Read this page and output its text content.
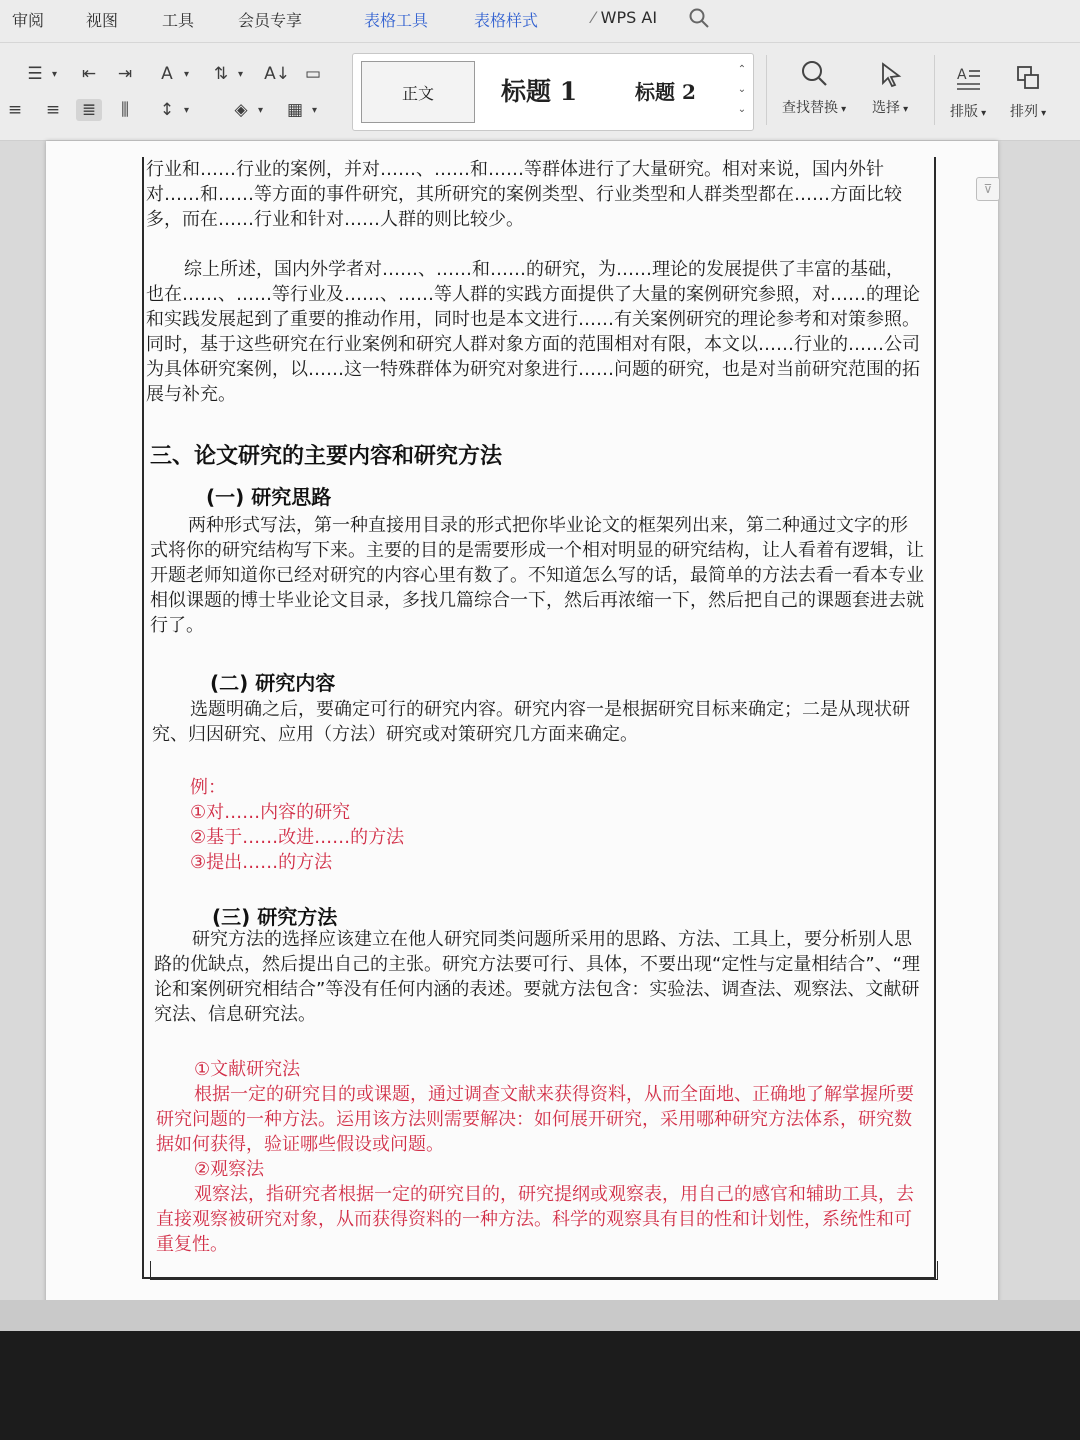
审阅	视图	工具	会员专享	表格工具	表格样式	⁄ WPS AI
☰ ▾	⇤	⇥	A ▾	⇅ ▾	A↓ ▭
≡	≡	≣	⫼	↕ ▾	◈ ▾	▦ ▾
正文	标题 1	标题 2
⌃
⌄
⌄	查找替换 ▾	选择 ▾
A
排版 ▾	排列 ▾
行业和……行业的案例，并对……、……和……等群体进行了大量研究。相对来说，国内外针对……和……等方面的事件研究，其所研究的案例类型、行业类型和人群类型都在……方面比较多，而在……行业和针对……人群的则比较少。
综上所述，国内外学者对……、……和……的研究，为……理论的发展提供了丰富的基础，也在……、……等行业及……、……等人群的实践方面提供了大量的案例研究参照，对……的理论和实践发展起到了重要的推动作用，同时也是本文进行……有关案例研究的理论参考和对策参照。同时，基于这些研究在行业案例和研究人群对象方面的范围相对有限，本文以……行业的……公司为具体研究案例，以……这一特殊群体为研究对象进行……问题的研究，也是对当前研究范围的拓展与补充。
三、论文研究的主要内容和研究方法
(一) 研究思路
两种形式写法，第一种直接用目录的形式把你毕业论文的框架列出来，第二种通过文字的形式将你的研究结构写下来。主要的目的是需要形成一个相对明显的研究结构，让人看着有逻辑，让开题老师知道你已经对研究的内容心里有数了。不知道怎么写的话，最简单的方法去看一看本专业相似课题的博士毕业论文目录，多找几篇综合一下，然后再浓缩一下，然后把自己的课题套进去就行了。
(二) 研究内容
选题明确之后，要确定可行的研究内容。研究内容一是根据研究目标来确定；二是从现状研究、归因研究、应用（方法）研究或对策研究几方面来确定。
例：
①对……内容的研究
②基于……改进……的方法
③提出……的方法
(三) 研究方法
研究方法的选择应该建立在他人研究同类问题所采用的思路、方法、工具上，要分析别人思路的优缺点，然后提出自己的主张。研究方法要可行、具体，不要出现“定性与定量相结合”、“理论和案例研究相结合”等没有任何内涵的表述。要就方法包含：实验法、调查法、观察法、文献研究法、信息研究法。
①文献研究法
根据一定的研究目的或课题，通过调查文献来获得资料，从而全面地、正确地了解掌握所要研究问题的一种方法。运用该方法则需要解决：如何展开研究，采用哪种研究方法体系，研究数据如何获得，验证哪些假设或问题。
②观察法
观察法，指研究者根据一定的研究目的，研究提纲或观察表，用自己的感官和辅助工具，去直接观察被研究对象，从而获得资料的一种方法。科学的观察具有目的性和计划性，系统性和可重复性。
⊽
